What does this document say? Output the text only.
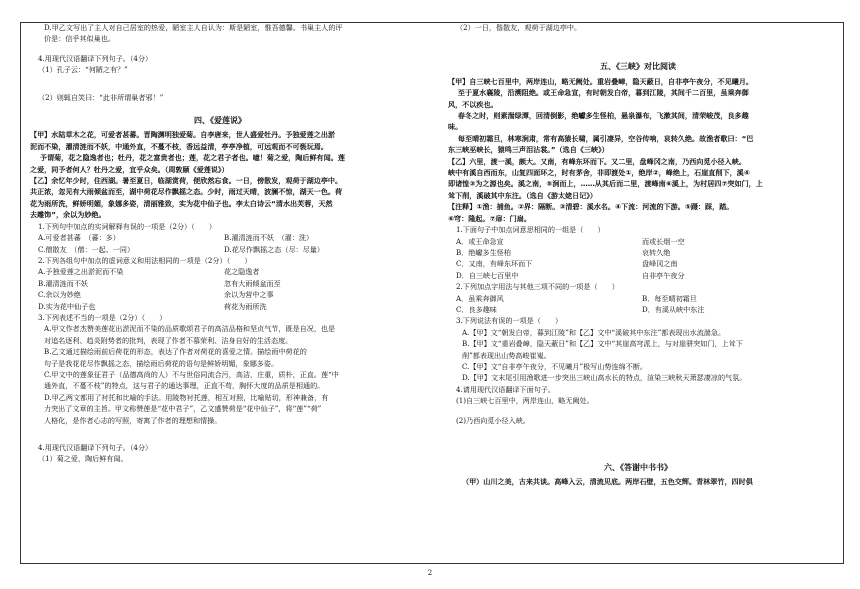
D.甲乙文写出了主人对自己居室的热爱，陋室主人自认为：斯是陋室，惟吾德馨。书巢主人的评

价是：信乎其似巢也。

4.用现代汉语翻译下列句子。（4分）

（1）孔子云：“何陋之有？”

（2）则辄自笑曰：“此非所谓巢者邪！”

四、《爱莲说》

【甲】水陆草木之花，可爱者甚蕃。晋陶渊明独爱菊。自李唐来，世人盛爱牡丹。予独爱莲之出淤

泥而不染，濯清涟而不妖，中通外直，不蔓不枝，香远益清，亭亭净植，可远观而不可亵玩焉。

予谓菊，花之隐逸者也；牡丹，花之富贵者也；莲，花之君子者也。噫！菊之爱，陶后鲜有闻。莲

之爱，同予者何人？牡丹之爱，宜乎众矣。（周敦颐《爱莲说》）

【乙】余忆年少时，住西湖。暑至夏日，临湖赏荷，便欣然忘食。一日，傍散发，观荷于湖边亭中。

共正浓，忽见有大雨倾盆而至，湖中荷花尽作飘摇之态。少时，雨过天晴，波澜不惊，湖天一色。荷

花为雨所洗，鲜娇明媚，象娜多姿，清丽雅致，实为花中仙子也。李太白诗云“清水出芙蓉，天然

去雕饰”，余以为妙绝。

1.下列句中加点的实词解释有误的一项是（2分）（　　）

A.可爱者甚蕃　（蕃：多）	B.濯清涟而不妖　（濯：洗）
C.僧散友　（僧：一起、一同）	D.花尽作飘摇之态（尽：尽量）

2.下列各组句中加点的虚词意义和用法相同的一项是（2分）（　　）

A.予独爱莲之出淤泥而不染	花之隐逸者
B.濯清涟而不妖	忽有大雨倾盆而至
C.余以为妙绝	余以为营中之事
D.实为花中仙子也	荷花为雨所洗

3.下列表述不当的一项是（2分）（　　）

A.甲文作者杰赞美莲花出淤泥而不染的品质歌颂君子的高洁品格和坚贞气节，既是自况，也是

对追名逐利、趋炎附势者的批判，表现了作者不慕荣利、洁身自好的生活态度。

B.乙文通过描绘雨前后荷花的形态，表达了作者对荷花的喜爱之情。描绘雨中荷花的

句子是我花花尽作飘摇之态，描绘雨后荷花的语句是鲜娇明媚，象娜多姿。

C.甲文中的莲象征君子（品德高尚的人）不与世俗同流合污，高洁，庄重，质朴，正直。莲“中

通外直，不蔓不枝”的特点，这与君子的通达事理，正直不苟，胸怀大度的品质是相通的。

D.甲乙两文都用了衬托和比喻的手法。用陵物衬托莲，相互对照，比喻贴切，形神兼备，有

力突出了文章的主旨。甲文称赞莲是“花中君子”，乙文盛赞荷是“花中仙子”，将“莲”“荷”

人格化，是作者心志的写照，寄寓了作者的理想和情操。

4.用现代汉语翻译下列句子。（4分）

（1）菊之爱，陶后鲜有闻。

（2）一日，偕散友，观荷于湖边亭中。

五、《三峡》对比阅读

【甲】自三峡七百里中，两岸连山，略无阙处。重岩叠嶂，隐天蔽日，自非亭午夜分，不见曦月。

至于夏水襄陵，沿溯阻绝。或王命急宣，有时朝发白帝，暮到江陵，其间千二百里，虽乘奔御

风，不以疾也。

春冬之时，则素湍绿潭，回清倒影，绝巘多生怪柏，悬泉瀑布，飞漱其间，清荣峻茂，良多趣

味。

每至晴初霜旦，林寒涧肃，常有高猿长啸，属引凄异，空谷传响，哀转久绝。故渔者歌曰：“巴

东三峡巫峡长，猿鸣三声泪沾裳。”（选自《三峡》）

【乙】六里，渡一溪，颇大。又南，有峰东环而下。又二里，盘峰冈之南，乃西向觅小径入峡。

峡中有溪自西而东，山复四面环之，时有茅舍，非即渡处①，绝岸②，峰绝上，石崖直削下，溪④

即诸惶③为之源也矣。溪之南，⑤涧而上，……从其后而二里，渡峰南⑥溪上，为村居四⑦突如门，上

耸下削，溪破其中东注。（选自《游太姥日记》）

【注释】①渔：捕鱼。②界：隔断。③清碧：溪水名。④下流：河流的下游。⑤蹑：踩，踏。

⑥穹：隆起。⑦扉：门扇。

1.下面句子中加点词意思相同的一组是（　　）

A．或王命急宣	而或长烟一空
B．绝巘多生怪柏	哀转久绝
C．又南，有峰东环而下	盘峰冈之南
D．自三峡七百里中	自非亭午夜分

2.下列加点字用法与其他三项不同的一项是（　　）

A．虽乘奔御风	B．每至晴初霜旦
C．良多趣味	D．有溪从峡中东注

3.下列说法有误的一项是（　　）

A.【甲】文“朝发白帝，暮到江陵”和【乙】文中“溪破其中东注”都表现出水流湍急。

B.【甲】文“重岩叠嶂，隐天蔽日”和【乙】文中“其崖高穹派上，与对崖骈突如门，上耸下

削”都表现出山势高峻崔嵬。

C.【甲】文“自非亭午夜分，不见曦月”极写山势连绵不断。

D.【甲】文末尾引用渔歌进一步突出三峡山高水长的特点，渲染三峡秋天萧瑟凄凉的气氛。

4.请用现代汉语翻译下面句子。

(1)自三峡七百里中，两岸连山，略无阙处。

(2)乃西向觅小径入峡。

六、《答谢中书书》

（甲）山川之美，古来共谈。高峰入云，清流见底。两岸石壁，五色交辉。青林翠竹，四时俱

2
